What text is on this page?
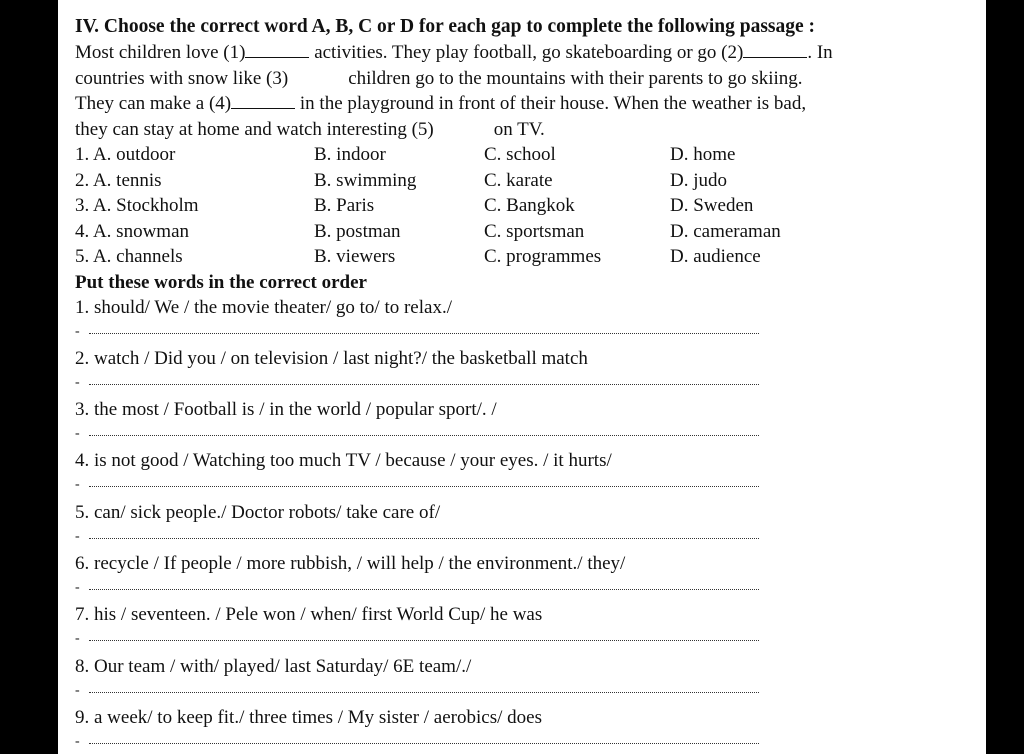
IV. Choose the correct word A, B, C or D for each gap to complete the following passage :
Most children love (1)	activities. They play football, go skateboarding or go (2)	. In
countries with snow like (3)	children go to the mountains with their parents to go skiing.
They can make a (4)	in the playground in front of their house. When the weather is bad,
they can stay at home and watch interesting (5)	on TV.
1. A. outdoor	B. indoor	C. school	D. home
2. A. tennis	B. swimming	C. karate	D. judo
3. A. Stockholm	B. Paris	C. Bangkok	D. Sweden
4. A. snowman	B. postman	C. sportsman	D. cameraman
5. A. channels	B. viewers	C. programmes	D. audience
Put these words in the correct order
1. should/ We / the movie theater/ go to/ to relax./
-
2. watch / Did you / on television / last night?/ the basketball match
-
3. the most / Football is / in the world / popular sport/. /
-
4. is not good / Watching too much TV / because / your eyes. / it hurts/
-
5. can/ sick people./ Doctor robots/ take care of/
-
6. recycle / If people / more rubbish, / will help / the environment./ they/
-
7. his / seventeen. / Pele won / when/ first World Cup/ he was
-
8. Our team / with/ played/ last Saturday/ 6E team/./
-
9. a week/ to keep fit./ three times / My sister / aerobics/ does
-
